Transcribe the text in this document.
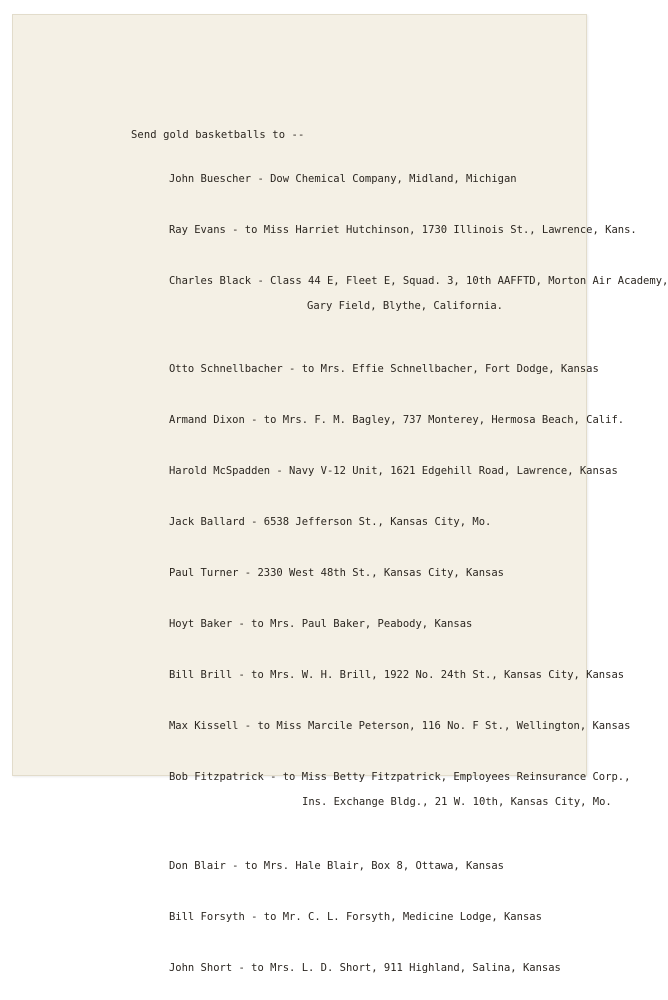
Send gold basketballs to --

John Buescher - Dow Chemical Company, Midland, Michigan

Ray Evans - to Miss Harriet Hutchinson, 1730 Illinois St., Lawrence, Kans.

Charles Black - Class 44 E, Fleet E, Squad. 3, 10th AAFFTD, Morton Air Academy,

Gary Field, Blythe, California.

Otto Schnellbacher - to Mrs. Effie Schnellbacher, Fort Dodge, Kansas

Armand Dixon - to Mrs. F. M. Bagley, 737 Monterey, Hermosa Beach, Calif.

Harold McSpadden - Navy V-12 Unit, 1621 Edgehill Road, Lawrence, Kansas

Jack Ballard - 6538 Jefferson St., Kansas City, Mo.

Paul Turner - 2330 West 48th St., Kansas City, Kansas

Hoyt Baker - to Mrs. Paul Baker, Peabody, Kansas

Bill Brill - to Mrs. W. H. Brill, 1922 No. 24th St., Kansas City, Kansas

Max Kissell - to Miss Marcile Peterson, 116 No. F St., Wellington, Kansas

Bob Fitzpatrick - to Miss Betty Fitzpatrick, Employees Reinsurance Corp.,

Ins. Exchange Bldg., 21 W. 10th, Kansas City, Mo.

Don Blair - to Mrs. Hale Blair, Box 8, Ottawa, Kansas

Bill Forsyth - to Mr. C. L. Forsyth, Medicine Lodge, Kansas

John Short - to Mrs. L. D. Short, 911 Highland, Salina, Kansas
